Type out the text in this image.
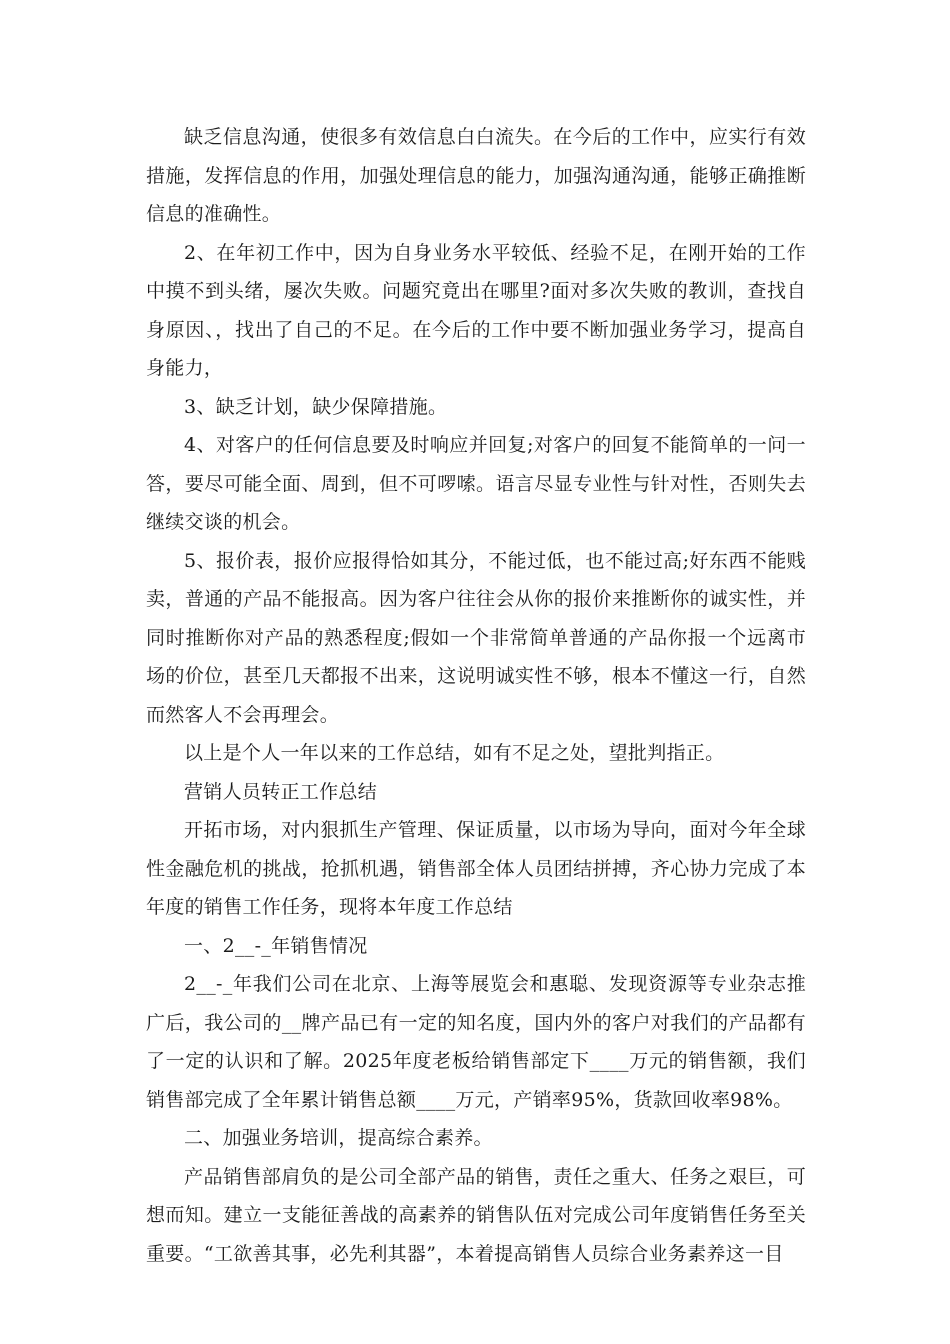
缺乏信息沟通，使很多有效信息白白流失。在今后的工作中，应实行有效措施，发挥信息的作用，加强处理信息的能力，加强沟通沟通，能够正确推断信息的准确性。

2、在年初工作中，因为自身业务水平较低、经验不足，在刚开始的工作中摸不到头绪，屡次失败。问题究竟出在哪里?面对多次失败的教训，查找自身原因、，找出了自己的不足。在今后的工作中要不断加强业务学习，提高自身能力，

3、缺乏计划，缺少保障措施。

4、对客户的任何信息要及时响应并回复;对客户的回复不能简单的一问一答，要尽可能全面、周到，但不可啰嗦。语言尽显专业性与针对性，否则失去继续交谈的机会。

5、报价表，报价应报得恰如其分，不能过低，也不能过高;好东西不能贱卖，普通的产品不能报高。因为客户往往会从你的报价来推断你的诚实性，并同时推断你对产品的熟悉程度;假如一个非常简单普通的产品你报一个远离市场的价位，甚至几天都报不出来，这说明诚实性不够，根本不懂这一行，自然而然客人不会再理会。

以上是个人一年以来的工作总结，如有不足之处，望批判指正。

营销人员转正工作总结

开拓市场，对内狠抓生产管理、保证质量，以市场为导向，面对今年全球性金融危机的挑战，抢抓机遇，销售部全体人员团结拼搏，齐心协力完成了本年度的销售工作任务，现将本年度工作总结

一、2__-_年销售情况

2__-_年我们公司在北京、上海等展览会和惠聪、发现资源等专业杂志推广后，我公司的__牌产品已有一定的知名度，国内外的客户对我们的产品都有了一定的认识和了解。2025年度老板给销售部定下____万元的销售额，我们销售部完成了全年累计销售总额____万元，产销率95%，货款回收率98%。

二、加强业务培训，提高综合素养。

产品销售部肩负的是公司全部产品的销售，责任之重大、任务之艰巨，可想而知。建立一支能征善战的高素养的销售队伍对完成公司年度销售任务至关重要。“工欲善其事，必先利其器”，本着提高销售人员综合业务素养这一目
